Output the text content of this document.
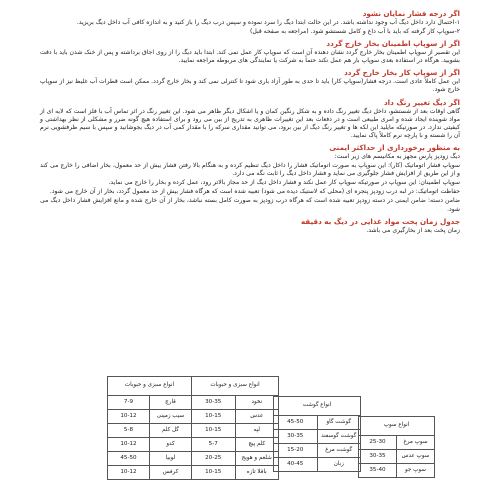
اگر درجه فشار نمایان نشود

۱-احتمال دارد داخل دیگ آب وجود نداشته باشد. در این حالت ابتدا دیگ را سرد نموده و سپس درب دیگ را باز کنید و به اندازه کافی آب داخل دیگ بریزید.

۲-سوپاپ کار گرفته که باید با آب داغ و کامل شستشو شود. (مراجعه به صفحه قبل)

اگر از سوپاپ اطمینان بخار خارج گردد

این تقصیر از سوپاپ اطمینان بخار خارج گردد نشان دهنده آن است که سوپاپ کار عمل نمی کند. ابتدا باید دیگ را از روی اجاق برداشته و پس از خنک شدن باید با دقت بشویید. هرگاه در استفاده بعدی سوپاپ بار هم عمل نکند حتماً به شرکت یا نمایندگی های مربوطه مراجعه نمایید.

اگر از سوپاپ کار بخار خارج گردد

این عمل کاملاً عادی است. درجه فشار(سوپاپ کار) باید تا حدی به طور آزاد باری شود تا کنترلی نمی کند و بخار خارج گردد. ممکن است قطرات آب غلیظ نیز از سوپاپ خارج شود.

اگر دیگ تغییر رنگ داد

گاهی اوقات بعد از شستشو، داخل دیگ تغییر رنگ داده و به شکل رنگین کمان و یا اشکال دیگر ظاهر می شود. این تغییر رنگ در اثر تماس آب با فلز است که لایه ای از مواد شوینده ایجاد شده و امری طبیعی است و در دفعات بعد این تغییرات ظاهری به تدریج از بین می رود و برای استفاده هیچ گونه ضرر و مشکلی از نظر بهداشتی و کیفیتی ندارد. در صورتیکه مایلید این لکه ها و تغییر رنگ دیگ از بین برود، می توانید مقداری سرکه را با مقدار کمی آب در دیگ بجوشانید و سپس با سیم ظرفشویی نرم آن را شسته و با پارچه نرم کاملاً پاک نمایید.

به منظور برخورداری از حداکثر ایمنی

دیگ زودپز پارس مجهز به مکانیسم های زیر است:

سوپاپ فشار اتوماتیک (کار): این سوپاپ به صورت اتوماتیک فشار را داخل دیگ تنظیم کرده و به هنگام بالا رفتن فشار بیش از حد معمول، بخار اضافی را خارج می کند و از این طریق از افزایش فشار جلوگیری می نماید و فشار داخل دیگ را ثابت نگه می دارد.

سوپاپ اطمینان: این سوپاپ در صورتیکه سوپاپ کار عمل نکند و فشار داخل دیگ از حد مجاز بالاتر رود، عمل کرده و بخار را خارج می نماید.

حفاظت اتوماتیک: در لبه درب زودپز پنجره ای (محلی که لاستیک دیده می شود) تعبیه شده است که هرگاه فشار بیش از حد معمول گردد، بخار از آن خارج می شود.

ضامن دسته: ضامن ایمنی در دسته زودپز تعبیه شده است که هرگاه درب زودپز به صورت کامل بسته نباشد، بخار از آن خارج شده و مانع افزایش فشار داخل دیگ می شود.

جدول زمان پخت مواد غذایی در دیگ به دقیقه

زمان پخت بعد از بخارگیری می باشد.

انواع سبزی و حبوبات	
7-9	قارچ
10-12	سیب زمینی
5-8	گل کلم
10-12	کدو
45-50	لوبیا
10-12	کرفس
انواع سبزی و حبوبات	
30-35	نخود
10-15	عدس
10-15	لپه
5-7	کلم پیچ
20-25	شلغم و هویج
10-15	باقلا تازه
انواع گوشت	
45-50	گوشت گاو
30-35	گوشت گوسفند
15-20	گوشت مرغ
40-45	زبان
انواع سوپ	
25-30	سوپ مرغ
30-35	سوپ عدس
35-40	سوپ جو
